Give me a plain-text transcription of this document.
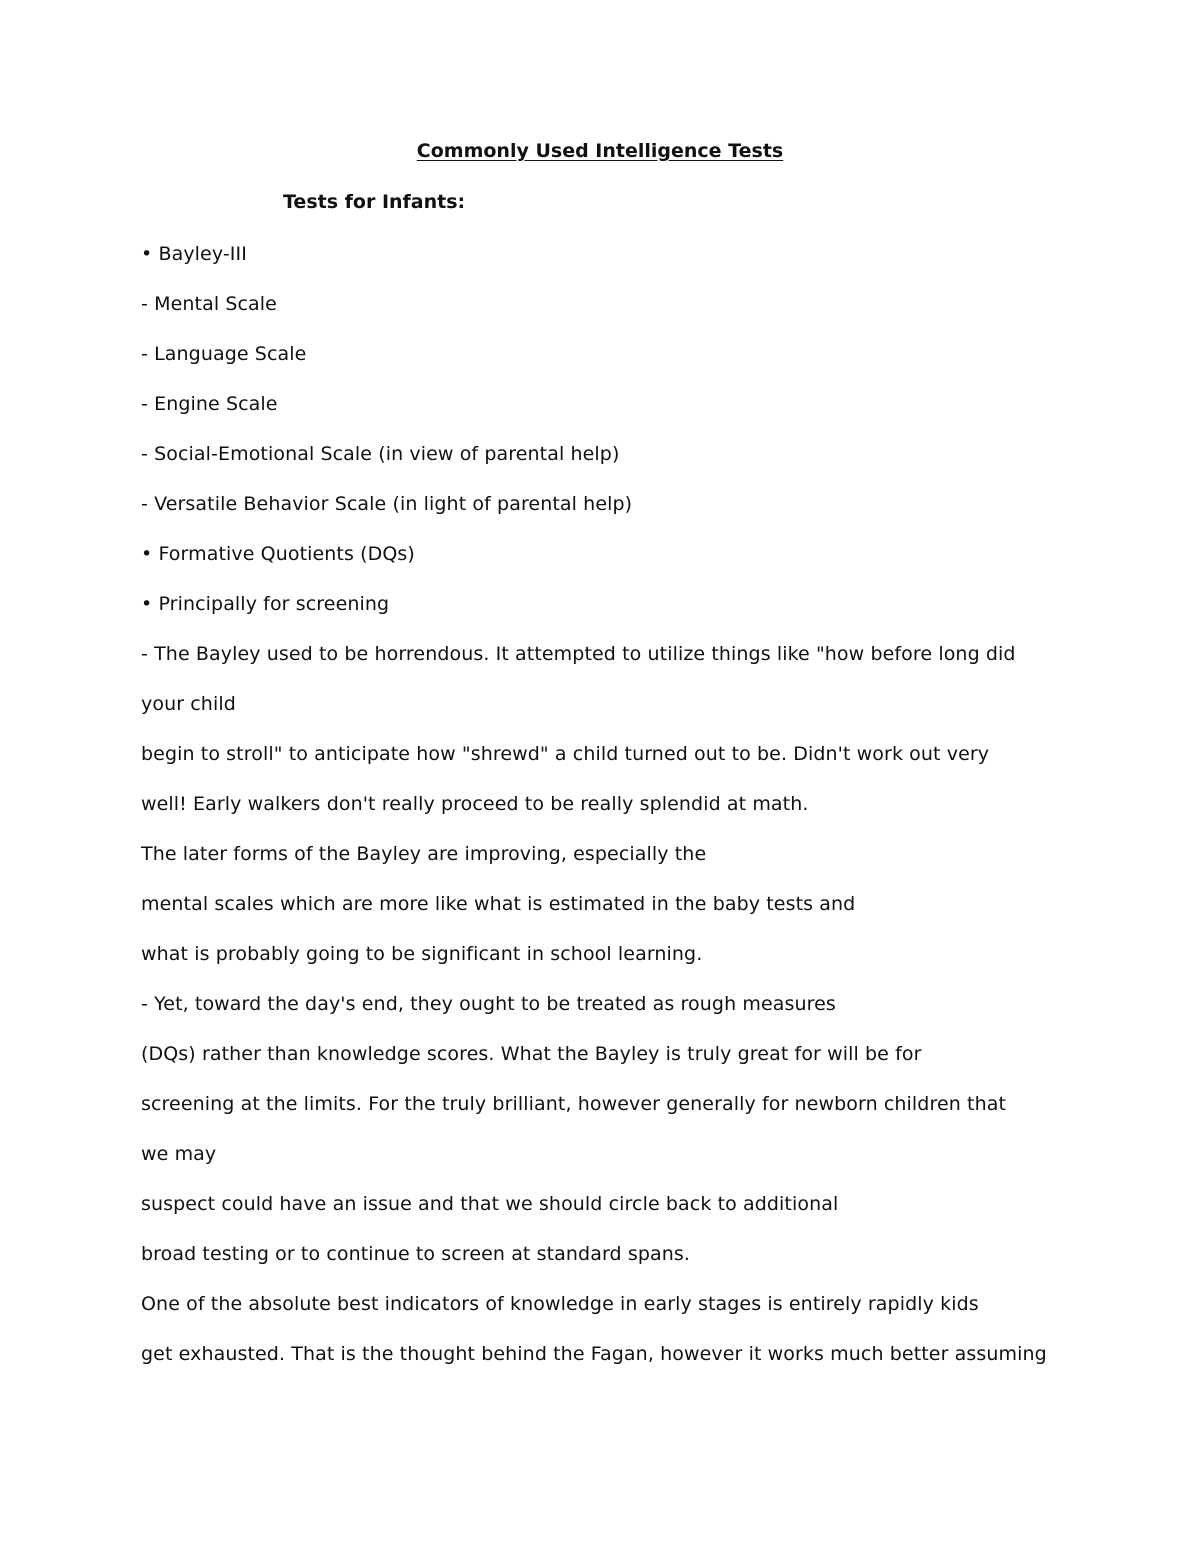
Commonly Used Intelligence Tests
Tests for Infants:
• Bayley-III
- Mental Scale
- Language Scale
- Engine Scale
- Social-Emotional Scale (in view of parental help)
- Versatile Behavior Scale (in light of parental help)
• Formative Quotients (DQs)
• Principally for screening
- The Bayley used to be horrendous. It attempted to utilize things like "how before long did
your child
begin to stroll" to anticipate how "shrewd" a child turned out to be. Didn't work out very
well! Early walkers don't really proceed to be really splendid at math.
The later forms of the Bayley are improving, especially the
mental scales which are more like what is estimated in the baby tests and
what is probably going to be significant in school learning.
- Yet, toward the day's end, they ought to be treated as rough measures
(DQs) rather than knowledge scores. What the Bayley is truly great for will be for
screening at the limits. For the truly brilliant, however generally for newborn children that
we may
suspect could have an issue and that we should circle back to additional
broad testing or to continue to screen at standard spans.
One of the absolute best indicators of knowledge in early stages is entirely rapidly kids
get exhausted. That is the thought behind the Fagan, however it works much better assuming
